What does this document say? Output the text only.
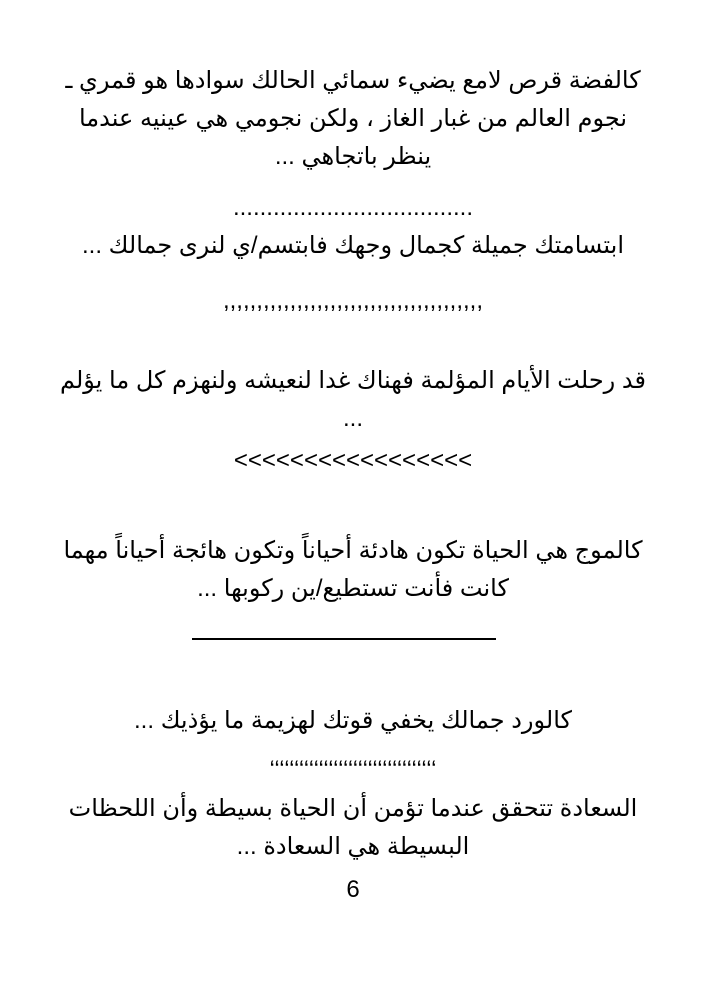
كالفضة قرص لامع يضيء سمائي الحالك سوادها هو قمري ـ نجوم العالم من غبار الغاز ، ولكن نجومي هي عينيه عندما ينظر باتجاهي ...

....................................

ابتسامتك جميلة كجمال وجهك فابتسم/ي لنرى جمالك ...

,,,,,,,,,,,,,,,,,,,,,,,,,,,,,,,,,,,,,,,

قد رحلت الأيام المؤلمة فهناك غدا لنعيشه ولنهزم كل ما يؤلم ...

<<<<<<<<<<<<<<<<<

كالموج هي الحياة تكون هادئة أحياناً وتكون هائجة أحياناً مهما كانت فأنت تستطيع/ين ركوبها ...

كالورد جمالك يخفي قوتك لهزيمة ما يؤذيك ...

‘‘‘‘‘‘‘‘‘‘‘‘‘‘‘‘‘‘‘‘‘‘‘‘‘‘‘‘‘‘‘‘‘‘

السعادة تتحقق عندما تؤمن أن الحياة بسيطة وأن اللحظات البسيطة هي السعادة ...

6
